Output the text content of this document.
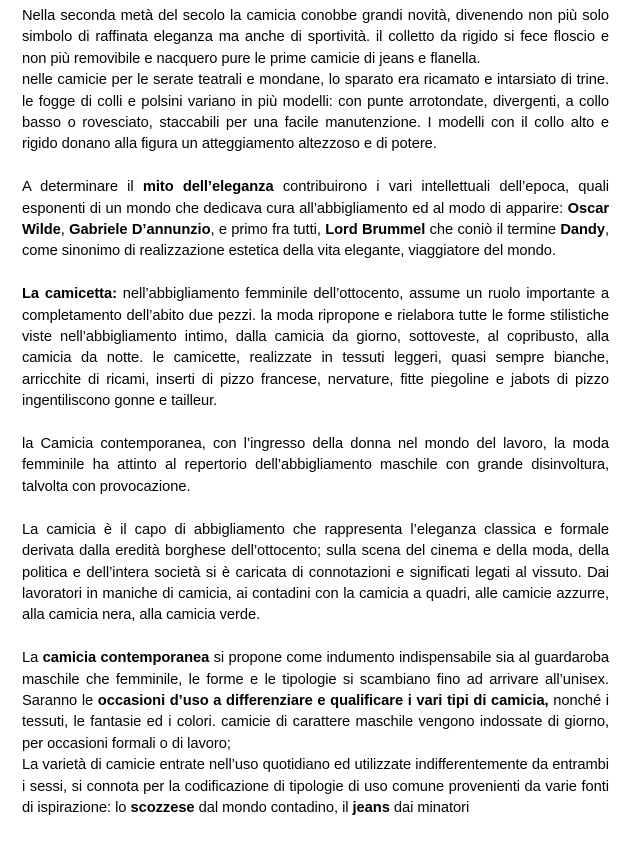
Nella seconda metà del secolo la camicia conobbe grandi novità, divenendo non più solo simbolo di raffinata eleganza ma anche di sportività. il colletto da rigido si fece floscio e non più removibile e nacquero pure le prime camicie di jeans e flanella.
nelle camicie per le serate teatrali e mondane, lo sparato era ricamato e intarsiato di trine. le fogge di colli e polsini variano in più modelli: con punte arrotondate, divergenti, a collo basso o rovesciato, staccabili per una facile manutenzione. I modelli con il collo alto e rigido donano alla figura un atteggiamento altezzoso e di potere.

A determinare il mito dell’eleganza contribuirono i vari intellettuali dell’epoca, quali esponenti di un mondo che dedicava cura all’abbigliamento ed al modo di apparire: Oscar Wilde, Gabriele D’annunzio, e primo fra tutti, Lord Brummel che coniò il termine Dandy, come sinonimo di realizzazione estetica della vita elegante, viaggiatore del mondo.

La camicetta: nell’abbigliamento femminile dell’ottocento, assume un ruolo importante a completamento dell’abito due pezzi. la moda ripropone e rielabora tutte le forme stilistiche viste nell’abbigliamento intimo, dalla camicia da giorno, sottoveste, al copribusto, alla camicia da notte. le camicette, realizzate in tessuti leggeri, quasi sempre bianche, arricchite di ricami, inserti di pizzo francese, nervature, fitte piegoline e jabots di pizzo ingentiliscono gonne e tailleur.

la Camicia contemporanea, con l’ingresso della donna nel mondo del lavoro, la moda femminile ha attinto al repertorio dell’abbigliamento maschile con grande disinvoltura, talvolta con provocazione.

La camicia è il capo di abbigliamento che rappresenta l’eleganza classica e formale derivata dalla eredità borghese dell’ottocento; sulla scena del cinema e della moda, della politica e dell’intera società si è caricata di connotazioni e significati legati al vissuto. Dai lavoratori in maniche di camicia, ai contadini con la camicia a quadri, alle camicie azzurre, alla camicia nera, alla camicia verde.

La camicia contemporanea si propone come indumento indispensabile sia al guardaroba maschile che femminile, le forme e le tipologie si scambiano fino ad arrivare all’unisex. Saranno le occasioni d’uso a differenziare e qualificare i vari tipi di camicia, nonché i tessuti, le fantasie ed i colori. camicie di carattere maschile vengono indossate di giorno, per occasioni formali o di lavoro;

La varietà di camicie entrate nell’uso quotidiano ed utilizzate indifferentemente da entrambi i sessi, si connota per la codificazione di tipologie di uso comune provenienti da varie fonti di ispirazione: lo scozzese dal mondo contadino, il jeans dai minatori
